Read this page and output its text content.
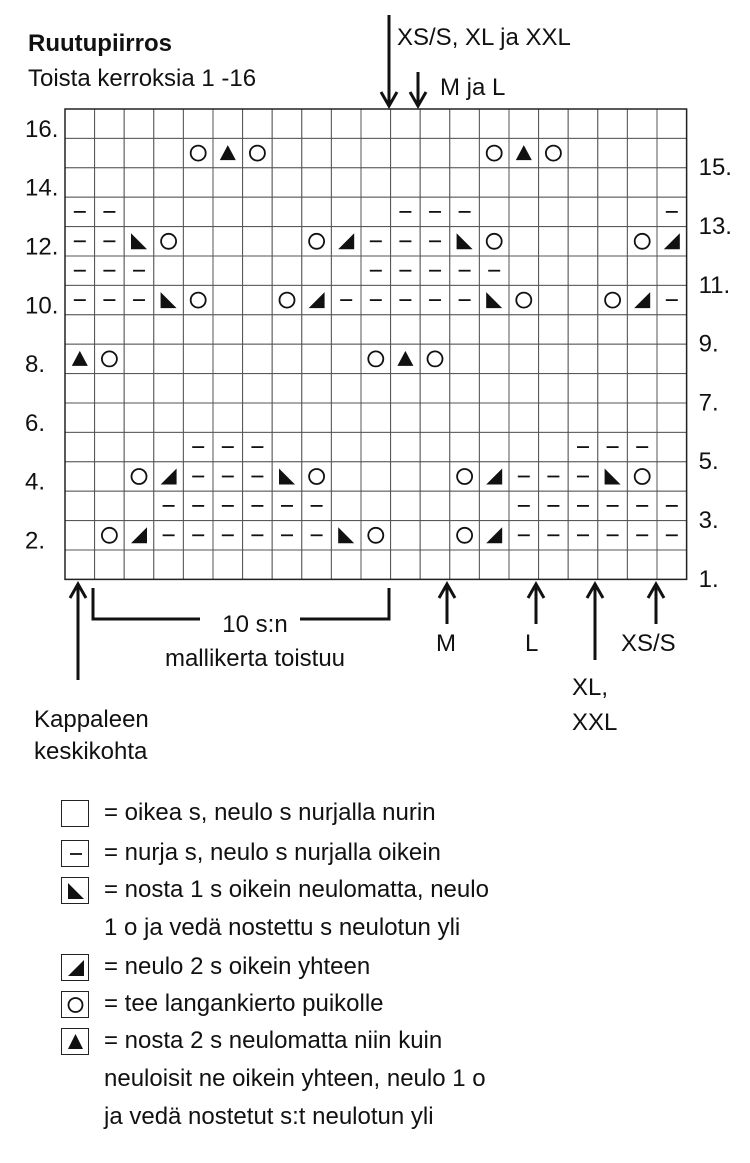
16.
14.
12.
10.
8.
6.
4.
2.
15.
13.
11.
9.
7.
5.
3.
1.
Ruutupiirros
Toista kerroksia 1 -16
XS/S, XL ja XXL
M ja L
M	L	XS/S
XL,
XXL
10 s:n
mallikerta toistuu
Kappaleen
keskikohta
= oikea s, neulo s nurjalla nurin
= nurja s, neulo s nurjalla oikein
= nosta 1 s oikein neulomatta, neulo
1 o ja vedä nostettu s neulotun yli
= neulo 2 s oikein yhteen
= tee langankierto puikolle
= nosta 2 s neulomatta niin kuin
neuloisit ne oikein yhteen, neulo 1 o
ja vedä nostetut s:t neulotun yli
